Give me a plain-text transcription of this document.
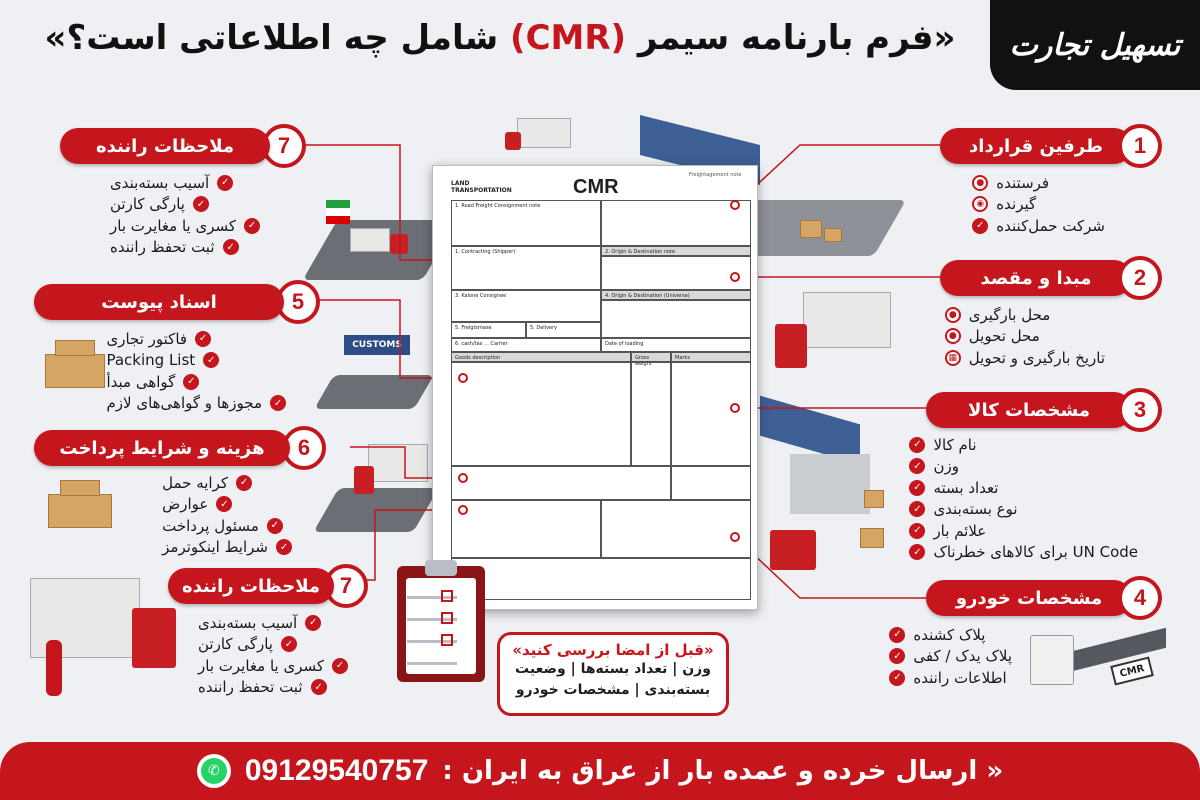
«فرم بارنامه سیمر (CMR) شامل چه اطلاعاتی است؟»	تسهیل تجارت
CUSTOMS
CMR
LAND TRANSPORTATION	CMR
Freightagement note
1. Road Freight Consignment note
1. Contracting (Shipper)	2. Origin & Destination note
3. Kalone Consignee	4. Origin & Destination (Universe)
5. Freigtsmase	5. Delivery
6. cash/tax ... Carrier	Date of loading
Goods description	Gross weight
Marks
طرفین قرارداد	1
فرستنده
●
گیرنده
◉
شرکت حمل‌کننده
✓
مبدا و مقصد	2
محل بارگیری
●
محل تحویل
●
تاریخ بارگیری و تحویل
▦
مشخصات کالا	3
نام کالا
✓
وزن
✓
تعداد بسته
✓
نوع بسته‌بندی
✓
علائم بار
✓
UN Code برای کالاهای خطرناک
✓
مشخصات خودرو	4
پلاک کشنده
✓
پلاک یدک / کفی
✓
اطلاعات راننده
✓
7
ملاحظات راننده
✓
آسیب بسته‌بندی
✓
پارگی کارتن
✓
کسری یا مغایرت بار
✓
ثبت تحفظ راننده
5
اسناد پیوست
✓
فاکتور تجاری
✓
Packing List
✓
گواهی مبدأ
✓
مجوزها و گواهی‌های لازم
6
هزینه و شرایط پرداخت
✓
کرایه حمل
✓
عوارض
✓
مسئول پرداخت
✓
شرایط اینکوترمز
7
ملاحظات راننده
✓
آسیب بسته‌بندی
✓
پارگی کارتن
✓
کسری یا مغایرت بار
✓
ثبت تحفظ راننده
«قبل از امضا بررسی کنید»
وزن | تعداد بسته‌ها | وضعیت
بسته‌بندی | مشخصات خودرو
« ارسال خرده و عمده بار از عراق به ایران :
09129540757
✆
